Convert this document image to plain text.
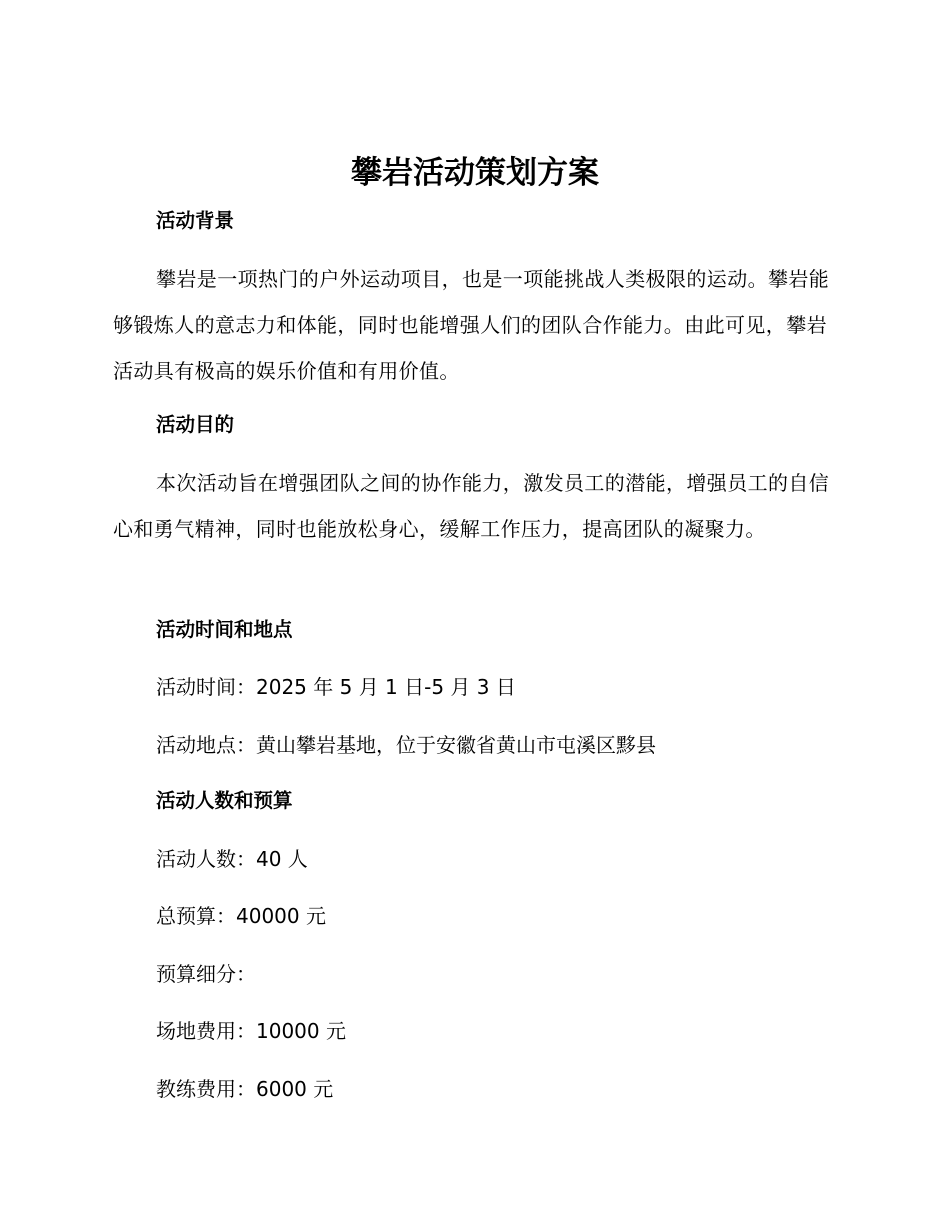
攀岩活动策划方案
活动背景

攀岩是一项热门的户外运动项目，也是一项能挑战人类极限的运动。攀岩能够锻炼人的意志力和体能，同时也能增强人们的团队合作能力。由此可见，攀岩活动具有极高的娱乐价值和有用价值。

活动目的

本次活动旨在增强团队之间的协作能力，激发员工的潜能，增强员工的自信心和勇气精神，同时也能放松身心，缓解工作压力，提高团队的凝聚力。

活动时间和地点

活动时间：2025 年 5 月 1 日-5 月 3 日

活动地点：黄山攀岩基地，位于安徽省黄山市屯溪区黟县

活动人数和预算

活动人数：40 人

总预算：40000 元

预算细分：

场地费用：10000 元

教练费用：6000 元
